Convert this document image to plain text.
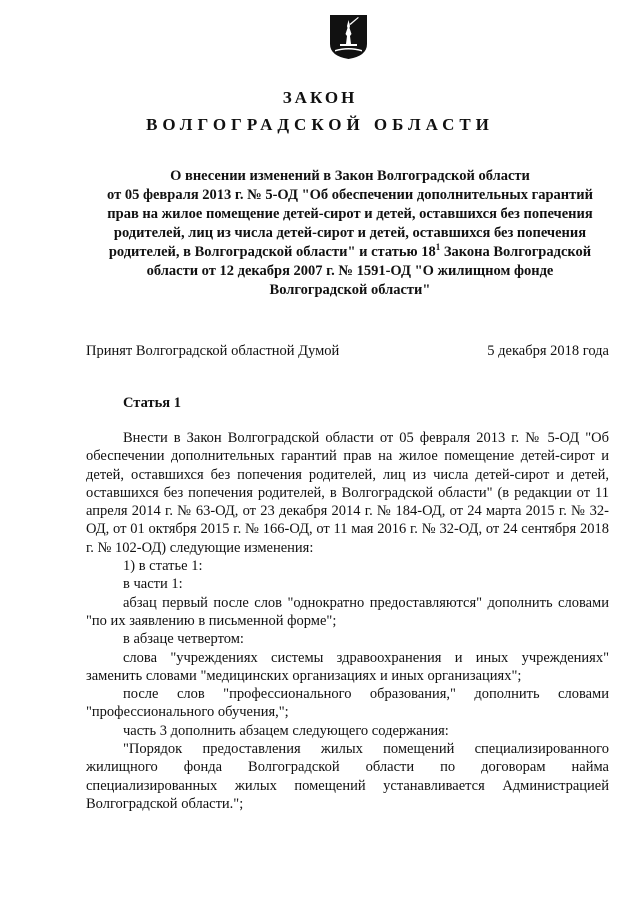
ЗАКОН
ВОЛГОГРАДСКОЙ ОБЛАСТИ
О внесении изменений в Закон Волгоградской области
от 05 февраля 2013 г. № 5-ОД "Об обеспечении дополнительных гарантий
прав на жилое помещение детей-сирот и детей, оставшихся без попечения
родителей, лиц из числа детей-сирот и детей, оставшихся без попечения
родителей, в Волгоградской области" и статью $18^1$ Закона Волгоградской
области от 12 декабря 2007 г. № 1591-ОД "О жилищном фонде
Волгоградской области"
Принят Волгоградской областной Думой	5 декабря 2018 года
Статья 1

Внести в Закон Волгоградской области от 05 февраля 2013 г. № 5-ОД "Об обеспечении дополнительных гарантий прав на жилое помещение детей-сирот и детей, оставшихся без попечения родителей, лиц из числа детей-сирот и детей, оставшихся без попечения родителей, в Волгоградской области" (в редакции от 11 апреля 2014 г. № 63-ОД, от 23 декабря 2014 г. № 184-ОД, от 24 марта 2015 г. № 32-ОД, от 01 октября 2015 г. № 166-ОД, от 11 мая 2016 г. № 32-ОД, от 24 сентября 2018 г. № 102-ОД) следующие изменения:

1) в статье 1:

в части 1:

абзац первый после слов "однократно предоставляются" дополнить словами "по их заявлению в письменной форме";

в абзаце четвертом:

слова "учреждениях системы здравоохранения и иных учреждениях" заменить словами "медицинских организациях и иных организациях";

после слов "профессионального образования," дополнить словами "профессионального обучения,";

часть 3 дополнить абзацем следующего содержания:

"Порядок предоставления жилых помещений специализированного жилищного фонда Волгоградской области по договорам найма специализированных жилых помещений устанавливается Администрацией Волгоградской области.";
